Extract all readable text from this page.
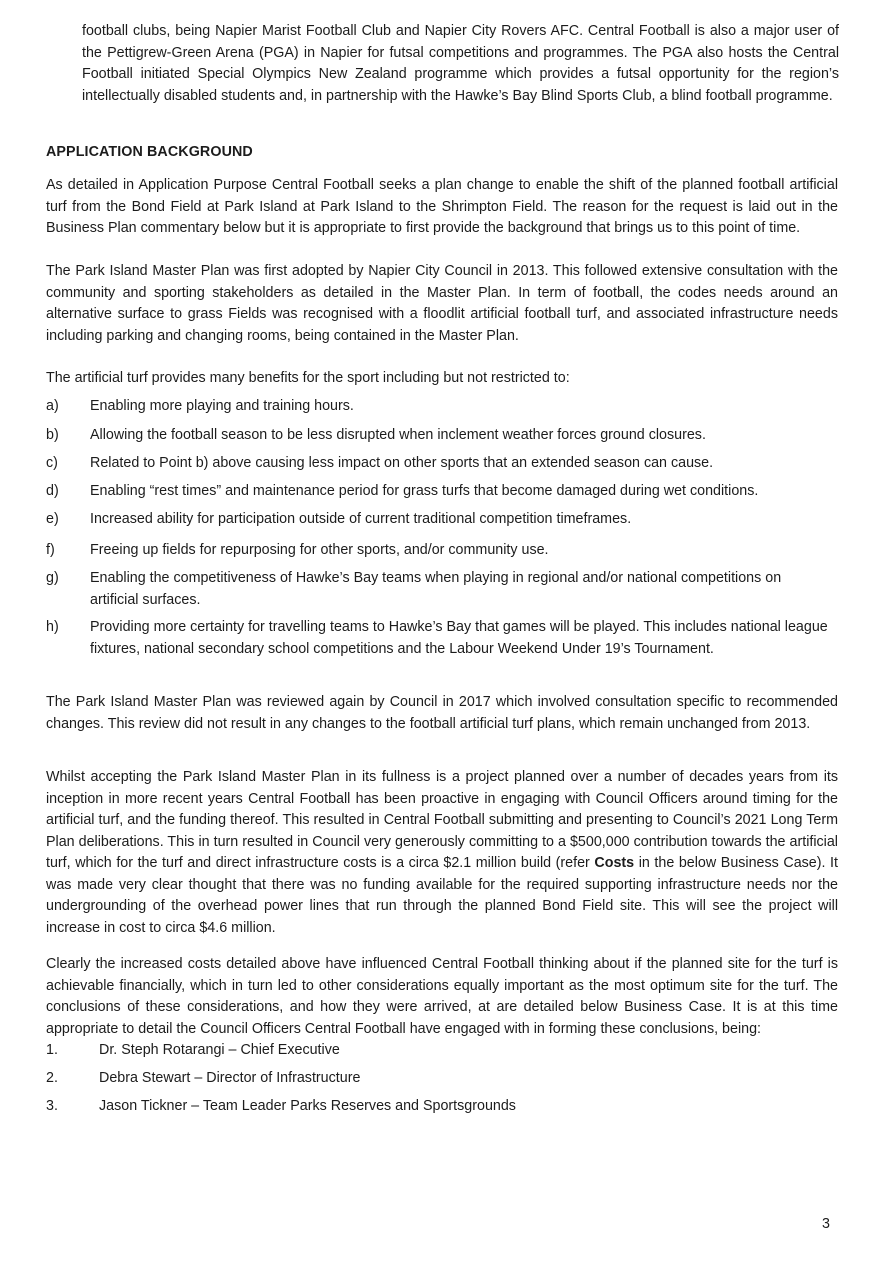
football clubs, being Napier Marist Football Club and Napier City Rovers AFC. Central Football is also a major user of the Pettigrew-Green Arena (PGA) in Napier for futsal competitions and programmes. The PGA also hosts the Central Football initiated Special Olympics New Zealand programme which provides a futsal opportunity for the region’s intellectually disabled students and, in partnership with the Hawke’s Bay Blind Sports Club, a blind football programme.

APPLICATION BACKGROUND

As detailed in Application Purpose Central Football seeks a plan change to enable the shift of the planned football artificial turf from the Bond Field at Park Island at Park Island to the Shrimpton Field. The reason for the request is laid out in the Business Plan commentary below but it is appropriate to first provide the background that brings us to this point of time.

The Park Island Master Plan was first adopted by Napier City Council in 2013. This followed extensive consultation with the community and sporting stakeholders as detailed in the Master Plan. In term of football, the codes needs around an alternative surface to grass Fields was recognised with a floodlit artificial football turf, and associated infrastructure needs including parking and changing rooms, being contained in the Master Plan.

The artificial turf provides many benefits for the sport including but not restricted to:

a) Enabling more playing and training hours.
b) Allowing the football season to be less disrupted when inclement weather forces ground closures.
c) Related to Point b) above causing less impact on other sports that an extended season can cause.
d) Enabling “rest times” and maintenance period for grass turfs that become damaged during wet conditions.
e) Increased ability for participation outside of current traditional competition timeframes.
f) Freeing up fields for repurposing for other sports, and/or community use.
g) Enabling the competitiveness of Hawke’s Bay teams when playing in regional and/or national competitions on artificial surfaces.
h) Providing more certainty for travelling teams to Hawke’s Bay that games will be played. This includes national league fixtures, national secondary school competitions and the Labour Weekend Under 19’s Tournament.

The Park Island Master Plan was reviewed again by Council in 2017 which involved consultation specific to recommended changes. This review did not result in any changes to the football artificial turf plans, which remain unchanged from 2013.

Whilst accepting the Park Island Master Plan in its fullness is a project planned over a number of decades years from its inception in more recent years Central Football has been proactive in engaging with Council Officers around timing for the artificial turf, and the funding thereof. This resulted in Central Football submitting and presenting to Council’s 2021 Long Term Plan deliberations. This in turn resulted in Council very generously committing to a $500,000 contribution towards the artificial turf, which for the turf and direct infrastructure costs is a circa $2.1 million build (refer Costs in the below Business Case). It was made very clear thought that there was no funding available for the required supporting infrastructure needs nor the undergrounding of the overhead power lines that run through the planned Bond Field site. This will see the project will increase in cost to circa $4.6 million.

Clearly the increased costs detailed above have influenced Central Football thinking about if the planned site for the turf is achievable financially, which in turn led to other considerations equally important as the most optimum site for the turf. The conclusions of these considerations, and how they were arrived, at are detailed below Business Case. It is at this time appropriate to detail the Council Officers Central Football have engaged with in forming these conclusions, being:

1.	Dr. Steph Rotarangi – Chief Executive
2.	Debra Stewart – Director of Infrastructure
3.	Jason Tickner – Team Leader Parks Reserves and Sportsgrounds
3
